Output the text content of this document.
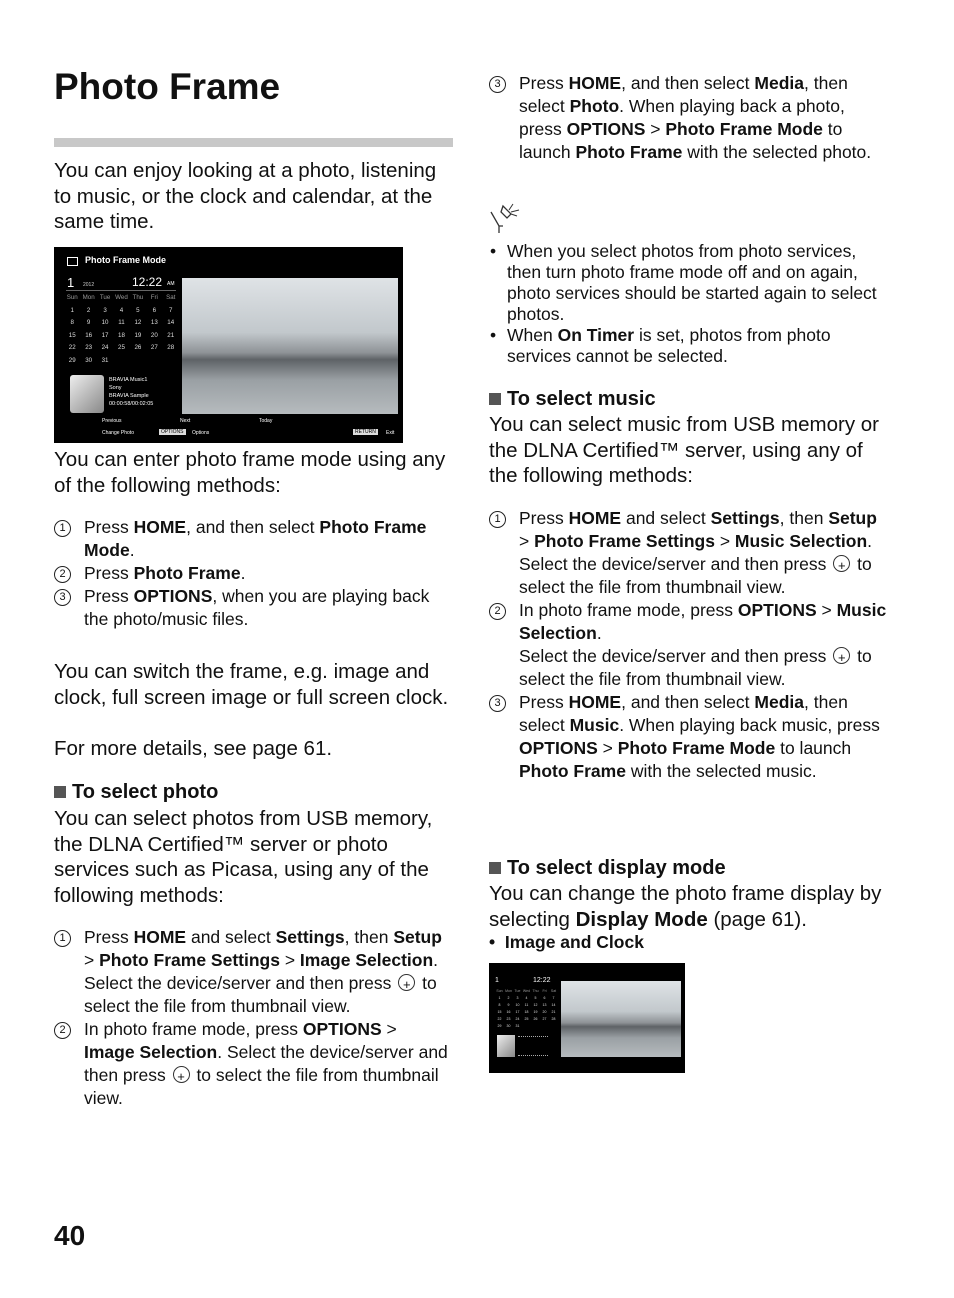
Photo Frame

You can enjoy looking at a photo, listening to music, or the clock and calendar, at the same time.

Photo Frame Mode
1 2012	12:22 AM
Sun Mon Tue Wed Thu	Fri	Sat
1	2	3	4	5	6	7
8	9	10	11	12	13	14
15	16	17	18	19	20	21
22	23	24	25	26	27	28
29	30	31
BRAVIA Music1
Sony
BRAVIA Sample
00:00:58/00:02:05
Previous	Next	Today
Change Photo	OPTIONS	Options	RETURN	Exit

You can enter photo frame mode using any of the following methods:

1	Press HOME, and then select Photo Frame Mode.

2	Press Photo Frame.

3	Press OPTIONS, when you are playing back the photo/music files.

You can switch the frame, e.g. image and clock, full screen image or full screen clock.

For more details, see page 61.

To select photo

You can select photos from USB memory, the DLNA Certified™ server or photo services such as Picasa, using any of the following methods:

1	Press HOME and select Settings, then Setup > Photo Frame Settings > Image Selection.

Select the device/server and then press + to select the file from thumbnail view.

2	In photo frame mode, press OPTIONS > Image Selection. Select the device/server and then press + to select the file from thumbnail view.

3	Press HOME, and then select Media, then select Photo. When playing back a photo, press OPTIONS > Photo Frame Mode to launch Photo Frame with the selected photo.

• When you select photos from photo services, then turn photo frame mode off and on again, photo services should be started again to select photos.

• When On Timer is set, photos from photo services cannot be selected.

To select music

You can select music from USB memory or the DLNA Certified™ server, using any of the following methods:

1	Press HOME and select Settings, then Setup > Photo Frame Settings > Music Selection.

Select the device/server and then press + to select the file from thumbnail view.

2	In photo frame mode, press OPTIONS > Music Selection.

Select the device/server and then press + to select the file from thumbnail view.

3	Press HOME, and then select Media, then select Music. When playing back music, press OPTIONS > Photo Frame Mode to launch Photo Frame with the selected music.

To select display mode

You can change the photo frame display by selecting Display Mode (page 61).

•  Image and Clock
1	12:22
Sun Mon Tue Wed Thu	Fri	Sat
1	2	3	4	5	6	7
8	9	10	11	12	13	14
15	16	17	18	19	20	21
22	23	24	25	26	27	28
29	30	31
40
